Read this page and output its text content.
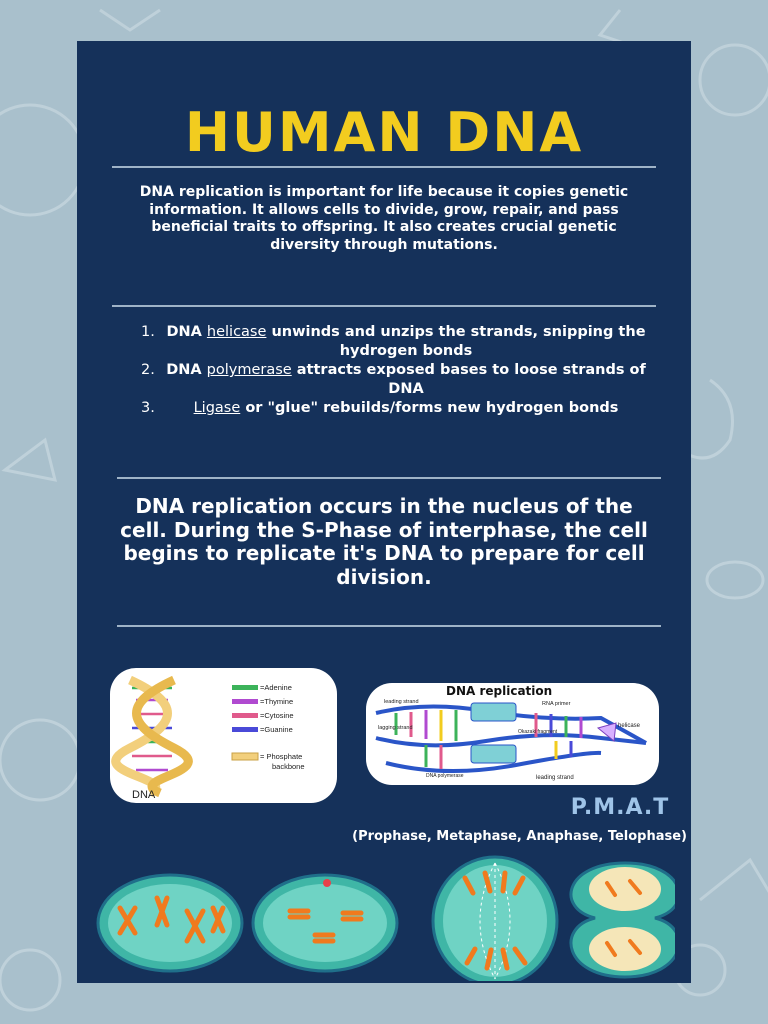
HUMAN DNA

DNA replication is important for life because it copies genetic information. It allows cells to divide, grow, repair, and pass beneficial traits to offspring. It also creates crucial genetic diversity through mutations.

1. DNA helicase unwinds and unzips the strands, snipping the hydrogen bonds
2. DNA polymerase attracts exposed bases to loose strands of DNA
3.	Ligase or "glue" rebuilds/forms new hydrogen bonds

DNA replication occurs in the nucleus of the cell. During the S-Phase of interphase, the cell begins to replicate it's DNA to prepare for cell division.

DNA
=Adenine
=Thymine
=Cytosine
=Guanine
= Phosphate
backbone
DNA replication
leading strand
lagging strand
RNA primer
helicase
Okazaki fragment
DNA polymerase	leading strand

P.M.A.T

(Prophase, Metaphase, Anaphase, Telophase)
